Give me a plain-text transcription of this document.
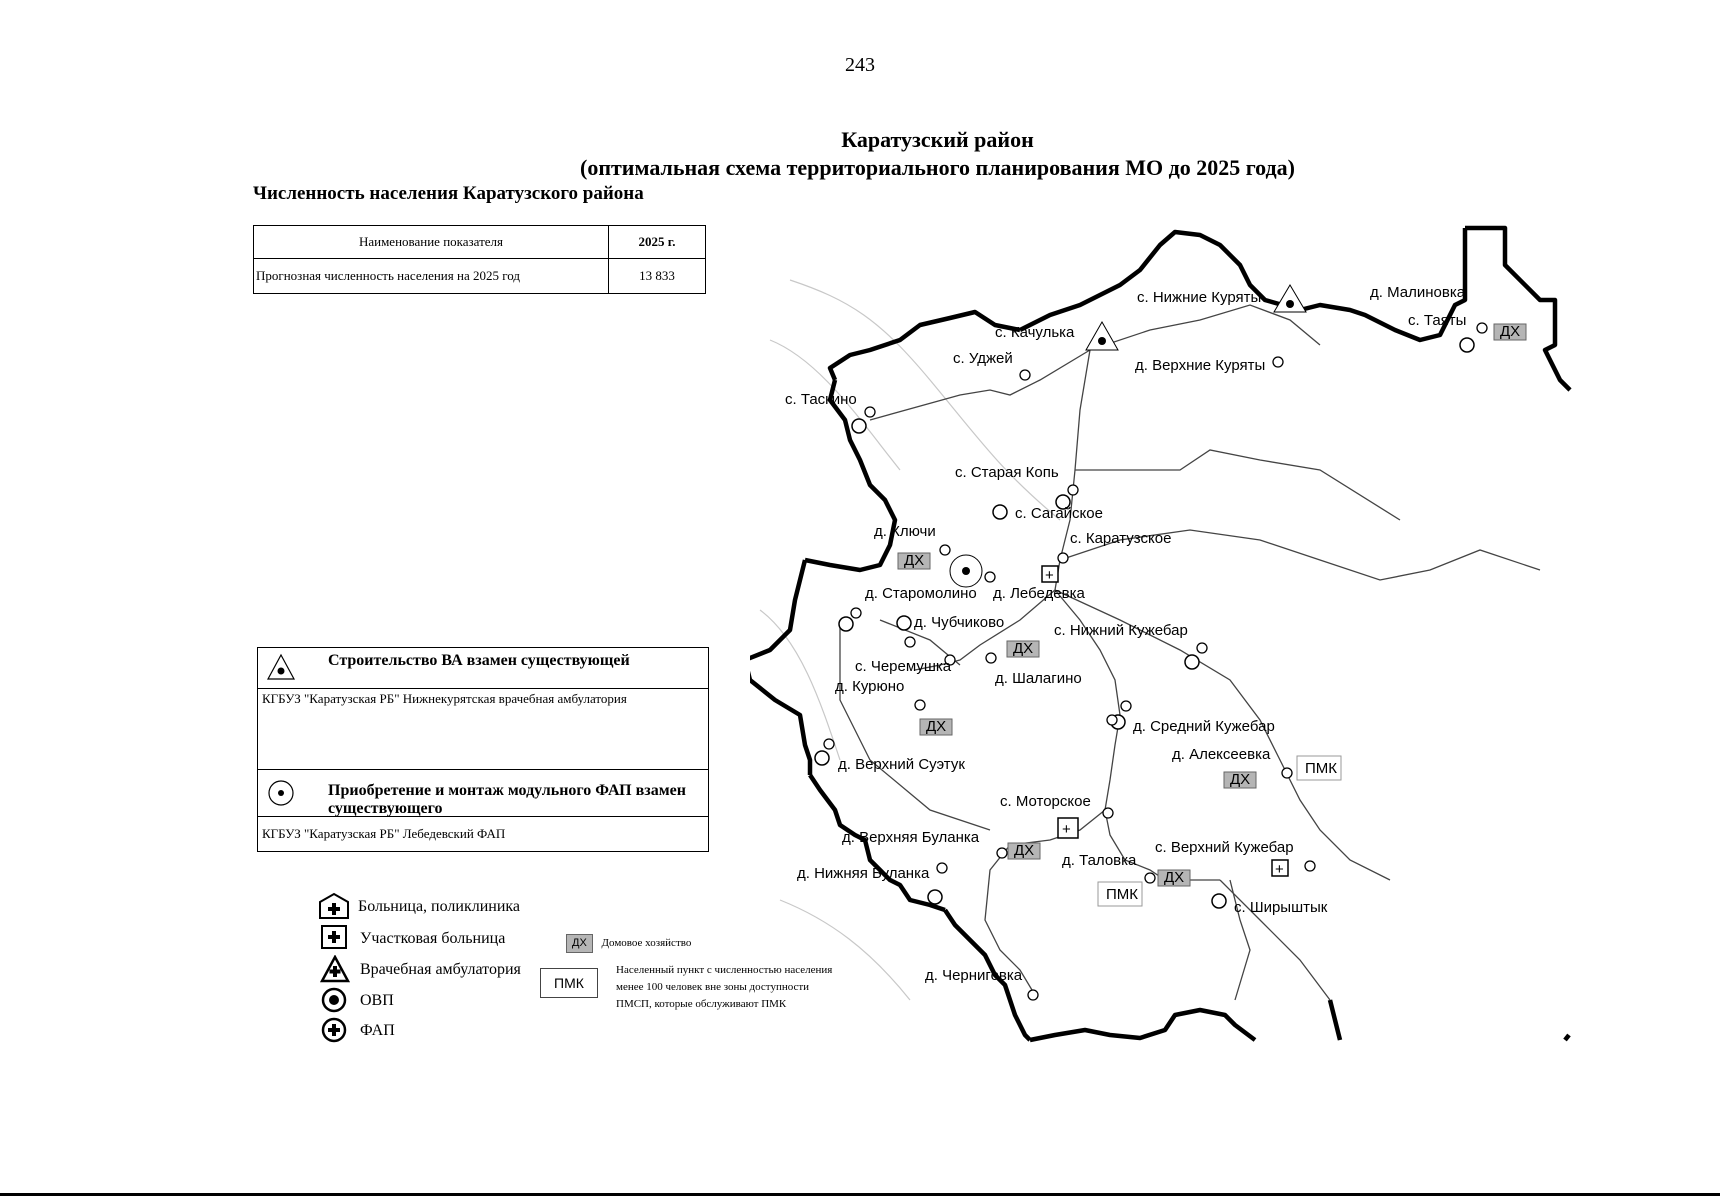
243
Каратузский район
(оптимальная схема территориального планирования МО до 2025 года)
Численность населения Каратузского района
Наименование показателя	2025 г.
Прогнозная численность населения на 2025 год	13 833
Строительство ВА взамен существующей
КГБУЗ "Каратузская РБ" Нижнекурятская врачебная амбулатория
Приобретение и монтаж модульного ФАП взамен существующего
КГБУЗ "Каратузская РБ" Лебедевский ФАП
Больница, поликлиника
Участковая больница
Врачебная амбулатория
ОВП
ФАП
ДХ Домовое хозяйство
ПМК
Населенный пункт с численностью населения менее 100 человек вне зоны доступности ПМСП, которые обслуживают ПМК
+
+
+
ДХ
ДХ
ДХ
ДХ
ДХ
ДХ
ДХ
ПМК
ПМК
д. Малиновка
с. Таяты
с. Нижние Куряты
с. Качулька
д. Верхние Куряты
с. Уджей
с. Таскино
с. Старая Копь
с. Сагайское
д. Ключи	с. Каратузское
д. Старомолино д. Лебедевка
д. Чубчиково	с. Нижний Кужебар
с. Черемушка
д. Курюно	д. Шалагино
д. Средний Кужебар
д. Алексеевка
д. Верхний Суэтук
с. Моторское
д. Верхняя Буланка
д. Таловка
с. Верхний Кужебар
д. Нижняя Буланка
с. Ширыштык
д. Черниговка
